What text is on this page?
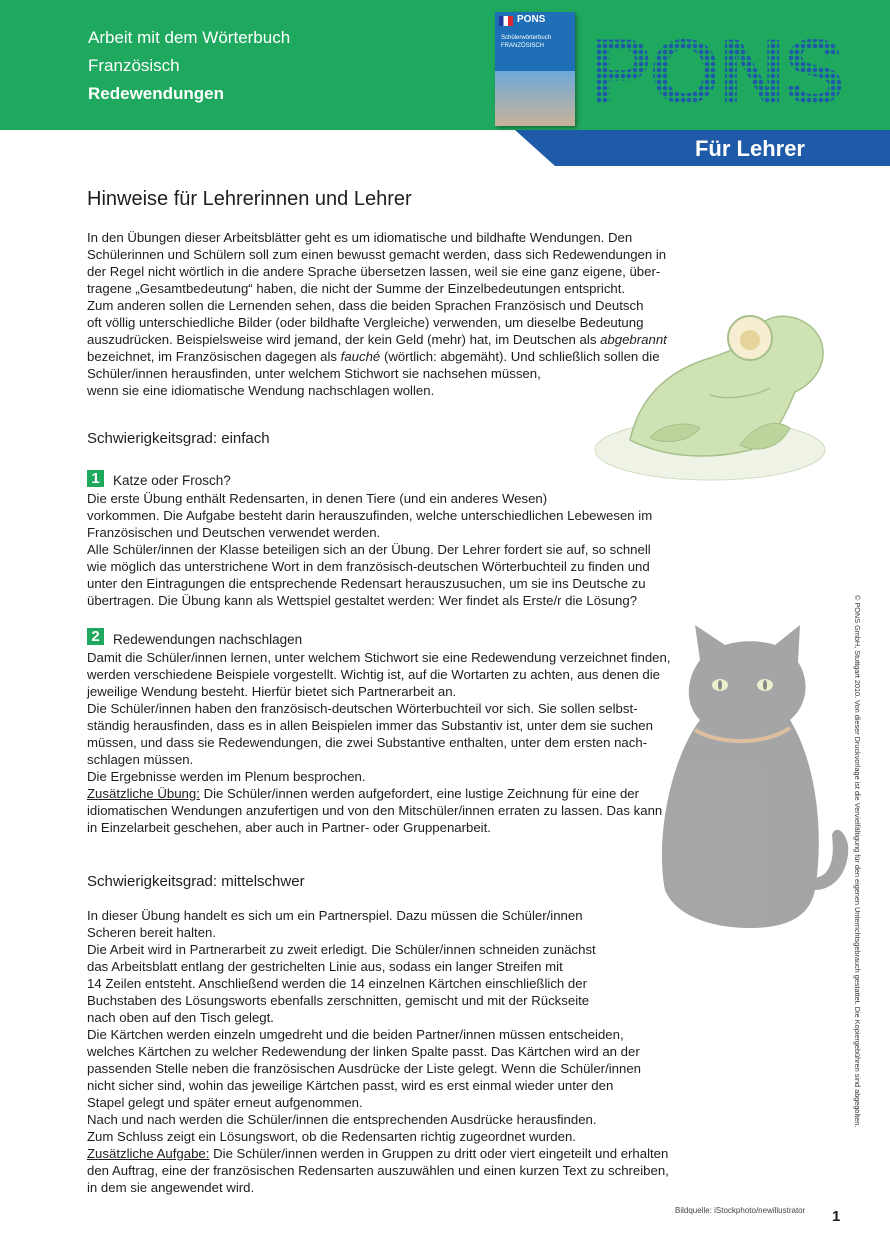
Arbeit mit dem Wörterbuch
Französisch
Redewendungen
PONS
Schülerwörterbuch FRANZÖSISCH PONS
Für Lehrer
Hinweise für Lehrerinnen und Lehrer

In den Übungen dieser Arbeitsblätter geht es um idiomatische und bildhafte Wendungen. Den
Schülerinnen und Schülern soll zum einen bewusst gemacht werden, dass sich Redewendungen in
der Regel nicht wörtlich in die andere Sprache übersetzen lassen, weil sie eine ganz eigene, über-
tragene „Gesamtbedeutung“ haben, die nicht der Summe der Einzelbedeutungen entspricht.
Zum anderen sollen die Lernenden sehen, dass die beiden Sprachen Französisch und Deutsch
oft völlig unterschiedliche Bilder (oder bildhafte Vergleiche) verwenden, um dieselbe Bedeutung
auszudrücken. Beispielsweise wird jemand, der kein Geld (mehr) hat, im Deutschen als abgebrannt
bezeichnet, im Französischen dagegen als fauché (wörtlich: abgemäht). Und schließlich sollen die
Schüler/innen herausfinden, unter welchem Stichwort sie nachsehen müssen,
wenn sie eine idiomatische Wendung nachschlagen wollen.

Schwierigkeitsgrad: einfach
1 Katze oder Frosch?

Die erste Übung enthält Redensarten, in denen Tiere (und ein anderes Wesen)
vorkommen. Die Aufgabe besteht darin herauszufinden, welche unterschiedlichen Lebewesen im
Französischen und Deutschen verwendet werden.
Alle Schüler/innen der Klasse beteiligen sich an der Übung. Der Lehrer fordert sie auf, so schnell
wie möglich das unterstrichene Wort in dem französisch-deutschen Wörterbuchteil zu finden und
unter den Eintragungen die entsprechende Redensart herauszusuchen, um sie ins Deutsche zu
übertragen. Die Übung kann als Wettspiel gestaltet werden: Wer findet als Erste/r die Lösung?

2 Redewendungen nachschlagen

Damit die Schüler/innen lernen, unter welchem Stichwort sie eine Redewendung verzeichnet finden,
werden verschiedene Beispiele vorgestellt. Wichtig ist, auf die Wortarten zu achten, aus denen die
jeweilige Wendung besteht. Hierfür bietet sich Partnerarbeit an.
Die Schüler/innen haben den französisch-deutschen Wörterbuchteil vor sich. Sie sollen selbst-
ständig herausfinden, dass es in allen Beispielen immer das Substantiv ist, unter dem sie suchen
müssen, und dass sie Redewendungen, die zwei Substantive enthalten, unter dem ersten nach-
schlagen müssen.
Die Ergebnisse werden im Plenum besprochen.

Zusätzliche Übung: Die Schüler/innen werden aufgefordert, eine lustige Zeichnung für eine der
idiomatischen Wendungen anzufertigen und von den Mitschüler/innen erraten zu lassen. Das kann
in Einzelarbeit geschehen, aber auch in Partner- oder Gruppenarbeit.

Schwierigkeitsgrad: mittelschwer

In dieser Übung handelt es sich um ein Partnerspiel. Dazu müssen die Schüler/innen
Scheren bereit halten.
Die Arbeit wird in Partnerarbeit zu zweit erledigt. Die Schüler/innen schneiden zunächst
das Arbeitsblatt entlang der gestrichelten Linie aus, sodass ein langer Streifen mit
14 Zeilen entsteht. Anschließend werden die 14 einzelnen Kärtchen einschließlich der
Buchstaben des Lösungsworts ebenfalls zerschnitten, gemischt und mit der Rückseite
nach oben auf den Tisch gelegt.
Die Kärtchen werden einzeln umgedreht und die beiden Partner/innen müssen entscheiden,
welches Kärtchen zu welcher Redewendung der linken Spalte passt. Das Kärtchen wird an der
passenden Stelle neben die französischen Ausdrücke der Liste gelegt. Wenn die Schüler/innen
nicht sicher sind, wohin das jeweilige Kärtchen passt, wird es erst einmal wieder unter den
Stapel gelegt und später erneut aufgenommen.
Nach und nach werden die Schüler/innen die entsprechenden Ausdrücke herausfinden.
Zum Schluss zeigt ein Lösungswort, ob die Redensarten richtig zugeordnet wurden.

Zusätzliche Aufgabe: Die Schüler/innen werden in Gruppen zu dritt oder viert eingeteilt und erhalten
den Auftrag, eine der französischen Redensarten auszuwählen und einen kurzen Text zu schreiben,
in dem sie angewendet wird.

© PONS GmbH, Stuttgart 2010. Von dieser Druckvorlage ist die Vervielfältigung für den eigenen Unterrichtsgebrauch gestattet. Die Kopiergebühren sind abgegolten.
Bildquelle: iStockphoto/newillustrator 1
